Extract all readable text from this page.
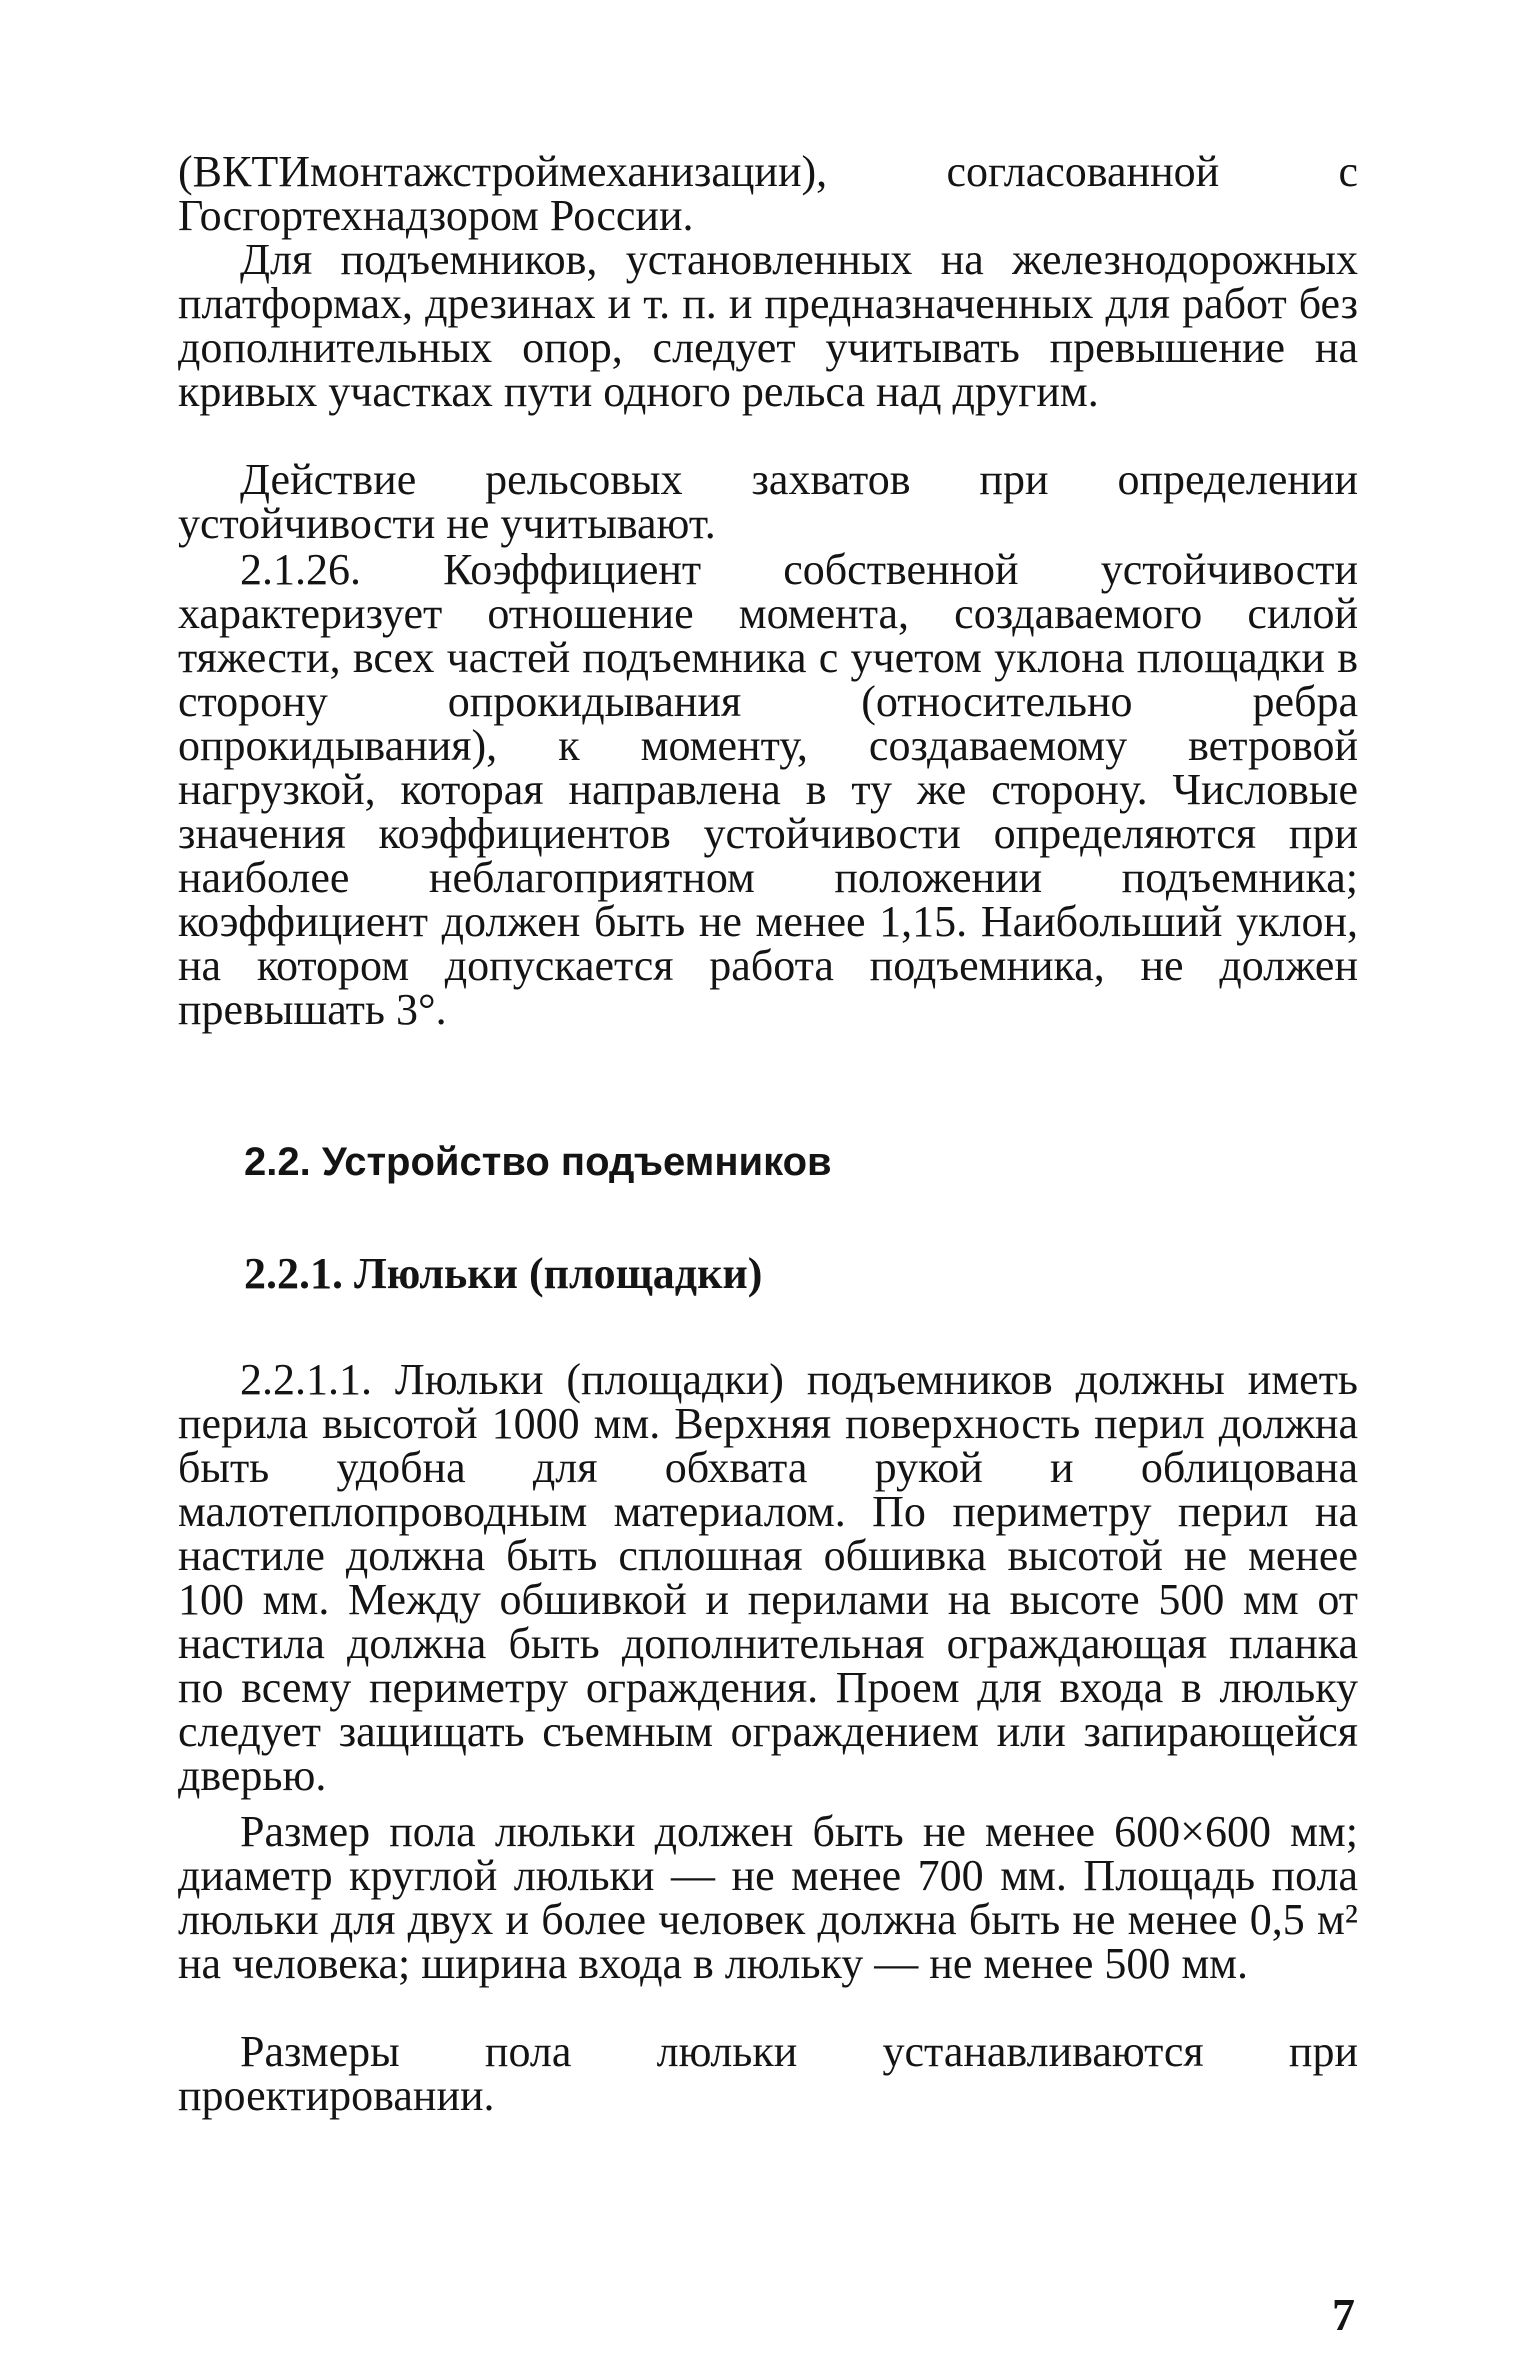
(ВКТИмонтажстроймеханизации), согласованной с Госгортехнадзором России.

Для подъемников, установленных на железнодорожных платформах, дрезинах и т. п. и предназначенных для работ без дополнительных опор, следует учитывать превышение на кривых участках пути одного рельса над другим.

Действие рельсовых захватов при определении устойчивости не учитывают.

2.1.26. Коэффициент собственной устойчивости характеризует отношение момента, создаваемого силой тяжести, всех частей подъемника с учетом уклона площадки в сторону опрокидывания (относительно ребра опрокидывания), к моменту, создаваемому ветровой нагрузкой, которая направлена в ту же сторону. Числовые значения коэффициентов устойчивости определяются при наиболее неблагоприятном положении подъемника; коэффициент должен быть не менее 1,15. Наибольший уклон, на котором допускается работа подъемника, не должен превышать 3°.

2.2. Устройство подъемников
2.2.1. Люльки (площадки)

2.2.1.1. Люльки (площадки) подъемников должны иметь перила высотой 1000 мм. Верхняя поверхность перил должна быть удобна для обхвата рукой и облицована малотеплопроводным материалом. По периметру перил на настиле должна быть сплошная обшивка высотой не менее 100 мм. Между обшивкой и перилами на высоте 500 мм от настила должна быть дополнительная ограждающая планка по всему периметру ограждения. Проем для входа в люльку следует защищать съемным ограждением или запирающейся дверью.

Размер пола люльки должен быть не менее 600×600 мм; диаметр круглой люльки — не менее 700 мм. Площадь пола люльки для двух и более человек должна быть не менее 0,5 м² на человека; ширина входа в люльку — не менее 500 мм.

Размеры пола люльки устанавливаются при проектировании.

7
